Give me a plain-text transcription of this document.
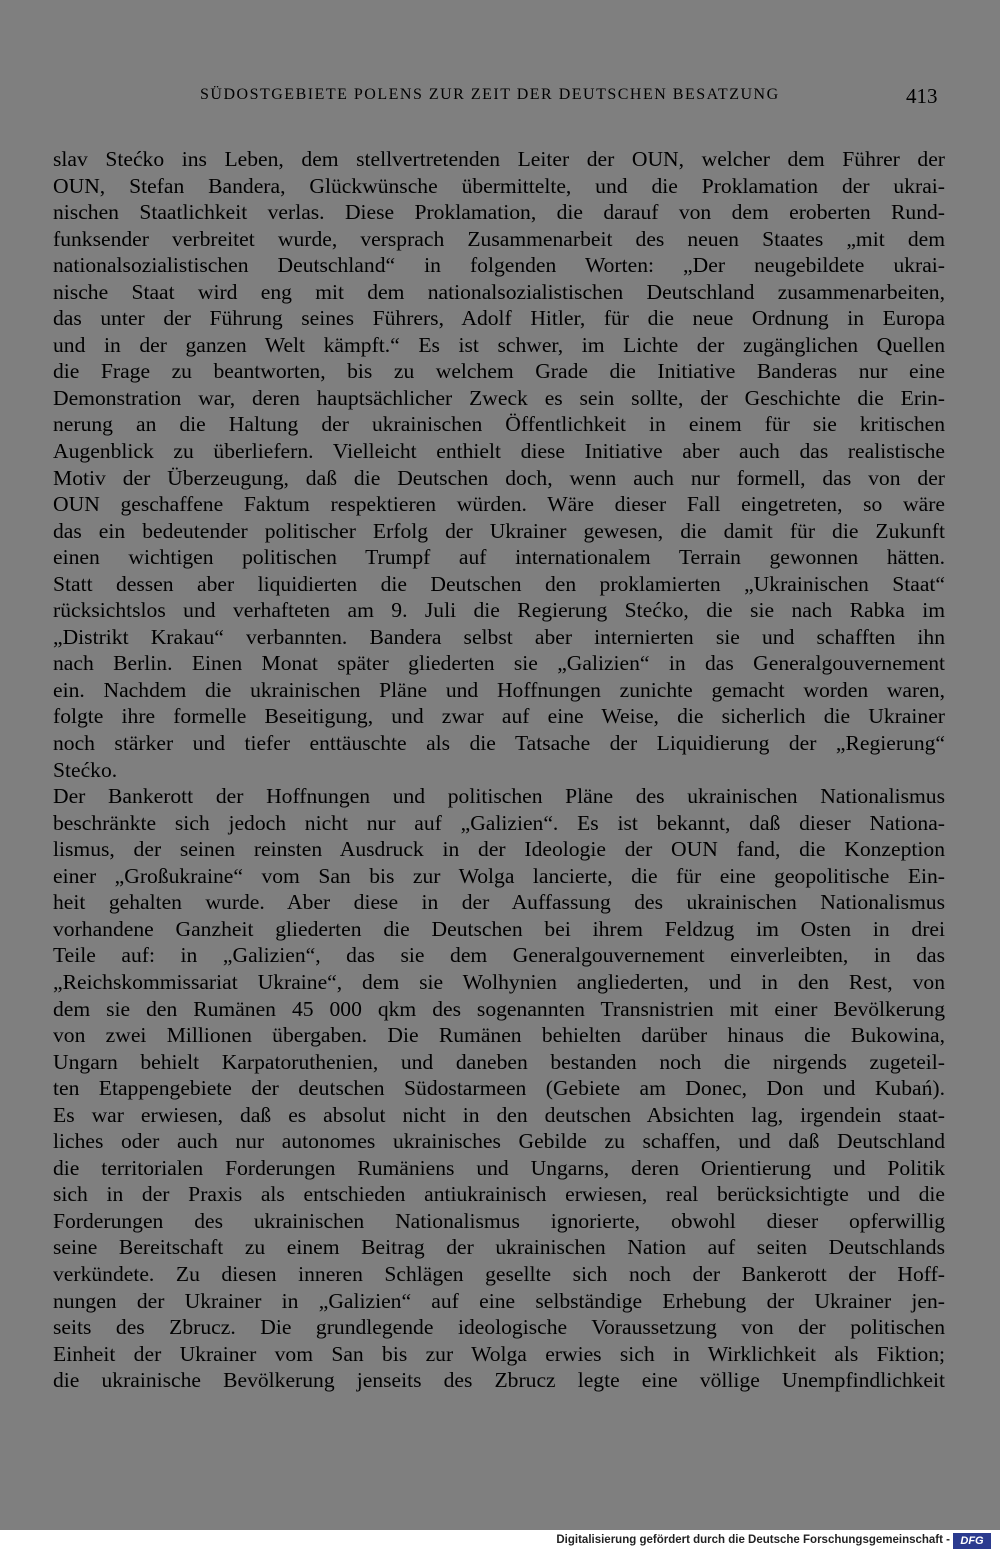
SÜDOSTGEBIETE POLENS ZUR ZEIT DER DEUTSCHEN BESATZUNG	413
slav Stećko ins Leben, dem stellvertretenden Leiter der OUN, welcher dem Führer der
OUN, Stefan Bandera, Glückwünsche übermittelte, und die Proklamation der ukrai-
nischen Staatlichkeit verlas. Diese Proklamation, die darauf von dem eroberten Rund-
funksender verbreitet wurde, versprach Zusammenarbeit des neuen Staates „mit dem
nationalsozialistischen Deutschland“ in folgenden Worten: „Der neugebildete ukrai-
nische Staat wird eng mit dem nationalsozialistischen Deutschland zusammenarbeiten,
das unter der Führung seines Führers, Adolf Hitler, für die neue Ordnung in Europa
und in der ganzen Welt kämpft.“ Es ist schwer, im Lichte der zugänglichen Quellen
die Frage zu beantworten, bis zu welchem Grade die Initiative Banderas nur eine
Demonstration war, deren hauptsächlicher Zweck es sein sollte, der Geschichte die Erin-
nerung an die Haltung der ukrainischen Öffentlichkeit in einem für sie kritischen
Augenblick zu überliefern. Vielleicht enthielt diese Initiative aber auch das realistische
Motiv der Überzeugung, daß die Deutschen doch, wenn auch nur formell, das von der
OUN geschaffene Faktum respektieren würden. Wäre dieser Fall eingetreten, so wäre
das ein bedeutender politischer Erfolg der Ukrainer gewesen, die damit für die Zukunft
einen wichtigen politischen Trumpf auf internationalem Terrain gewonnen hätten.
Statt dessen aber liquidierten die Deutschen den proklamierten „Ukrainischen Staat“
rücksichtslos und verhafteten am 9. Juli die Regierung Stećko, die sie nach Rabka im
„Distrikt Krakau“ verbannten. Bandera selbst aber internierten sie und schafften ihn
nach Berlin. Einen Monat später gliederten sie „Galizien“ in das Generalgouvernement
ein. Nachdem die ukrainischen Pläne und Hoffnungen zunichte gemacht worden waren,
folgte ihre formelle Beseitigung, und zwar auf eine Weise, die sicherlich die Ukrainer
noch stärker und tiefer enttäuschte als die Tatsache der Liquidierung der „Regierung“
Stećko.
Der Bankerott der Hoffnungen und politischen Pläne des ukrainischen Nationalismus
beschränkte sich jedoch nicht nur auf „Galizien“. Es ist bekannt, daß dieser Nationa-
lismus, der seinen reinsten Ausdruck in der Ideologie der OUN fand, die Konzeption
einer „Großukraine“ vom San bis zur Wolga lancierte, die für eine geopolitische Ein-
heit gehalten wurde. Aber diese in der Auffassung des ukrainischen Nationalismus
vorhandene Ganzheit gliederten die Deutschen bei ihrem Feldzug im Osten in drei
Teile auf: in „Galizien“, das sie dem Generalgouvernement einverleibten, in das
„Reichskommissariat Ukraine“, dem sie Wolhynien angliederten, und in den Rest, von
dem sie den Rumänen 45 000 qkm des sogenannten Transnistrien mit einer Bevölkerung
von zwei Millionen übergaben. Die Rumänen behielten darüber hinaus die Bukowina,
Ungarn behielt Karpatoruthenien, und daneben bestanden noch die nirgends zugeteil-
ten Etappengebiete der deutschen Südostarmeen (Gebiete am Donec, Don und Kubań).
Es war erwiesen, daß es absolut nicht in den deutschen Absichten lag, irgendein staat-
liches oder auch nur autonomes ukrainisches Gebilde zu schaffen, und daß Deutschland
die territorialen Forderungen Rumäniens und Ungarns, deren Orientierung und Politik
sich in der Praxis als entschieden antiukrainisch erwiesen, real berücksichtigte und die
Forderungen des ukrainischen Nationalismus ignorierte, obwohl dieser opferwillig
seine Bereitschaft zu einem Beitrag der ukrainischen Nation auf seiten Deutschlands
verkündete. Zu diesen inneren Schlägen gesellte sich noch der Bankerott der Hoff-
nungen der Ukrainer in „Galizien“ auf eine selbständige Erhebung der Ukrainer jen-
seits des Zbrucz. Die grundlegende ideologische Voraussetzung von der politischen
Einheit der Ukrainer vom San bis zur Wolga erwies sich in Wirklichkeit als Fiktion;
die ukrainische Bevölkerung jenseits des Zbrucz legte eine völlige Unempfindlichkeit
Digitalisierung gefördert durch die Deutsche Forschungsgemeinschaft - DFG
